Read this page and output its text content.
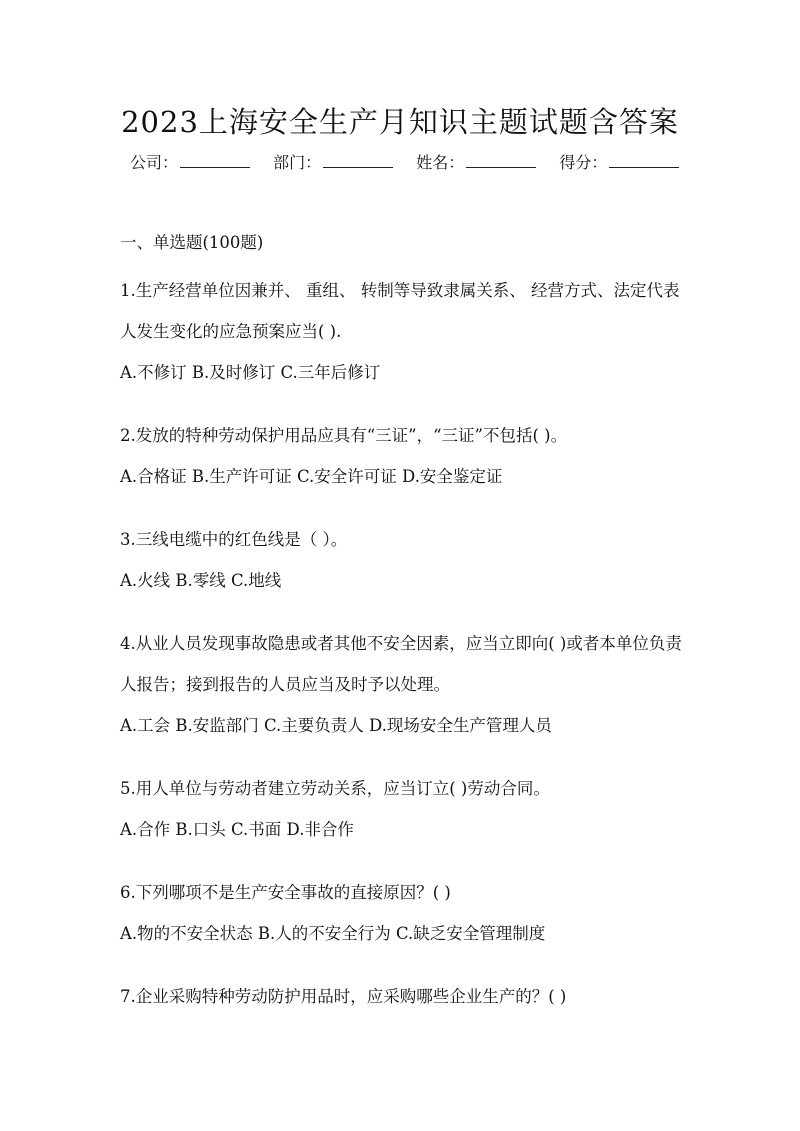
2023上海安全生产月知识主题试题含答案
公司：	部门：	姓名：	得分：
一、单选题(100题)

1.生产经营单位因兼并、 重组、 转制等导致隶属关系、 经营方式、法定代表人发生变化的应急预案应当( ).

A.不修订 B.及时修订 C.三年后修订

2.发放的特种劳动保护用品应具有“三证”，“三证”不包括( )。

A.合格证 B.生产许可证 C.安全许可证 D.安全鉴定证

3.三线电缆中的红色线是（ ）。

A.火线 B.零线 C.地线

4.从业人员发现事故隐患或者其他不安全因素，应当立即向( )或者本单位负责人报告；接到报告的人员应当及时予以处理。

A.工会 B.安监部门 C.主要负责人 D.现场安全生产管理人员

5.用人单位与劳动者建立劳动关系，应当订立( )劳动合同。

A.合作 B.口头 C.书面 D.非合作

6.下列哪项不是生产安全事故的直接原因？( )

A.物的不安全状态 B.人的不安全行为 C.缺乏安全管理制度

7.企业采购特种劳动防护用品时，应采购哪些企业生产的？( )
